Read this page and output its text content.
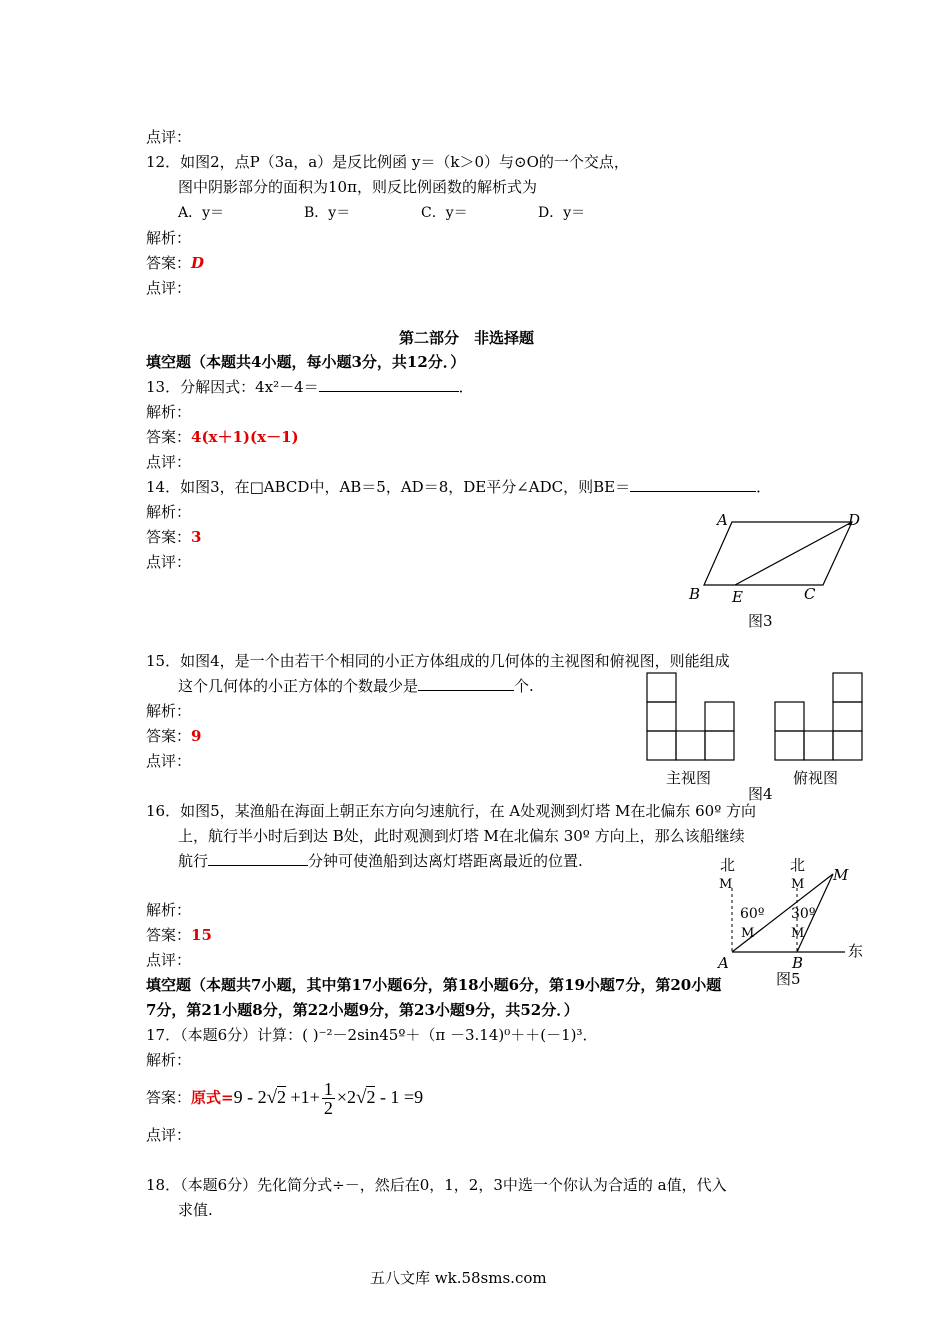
点评：
12．如图2，点P（3a，a）是反比例函 y＝（k＞0）与⊙O的一个交点，
图中阴影部分的面积为10π，则反比例函数的解析式为
A．y＝	B．y＝	C．y＝	D．y＝
解析：
答案：D
点评：
第二部分　非选择题
填空题（本题共4小题，每小题3分，共12分．）
13．分解因式：4x²－4＝	．
解析：
答案：4(x＋1)(x－1)
点评：
14．如图3，在□ABCD中，AB＝5，AD＝8，DE平分∠ADC，则BE＝	．
解析：
答案：3
点评：
A	D
B E	C
图3
15．如图4，是一个由若干个相同的小正方体组成的几何体的主视图和俯视图，则能组成
这个几何体的小正方体的个数最少是	个.
解析：
答案：9
点评：
主视图	俯视图
图4
16．如图5，某渔船在海面上朝正东方向匀速航行，在 A处观测到灯塔 M在北偏东 60º 方向
上，航行半小时后到达 B处，此时观测到灯塔 M在北偏东 30º 方向上，那么该船继续
航行	分钟可使渔船到达离灯塔距离最近的位置.
解析：
答案：15
点评：
北	北
M	M
M
60º 30º
M	M
A	B
东
图5
填空题（本题共7小题，其中第17小题6分，第18小题6分，第19小题7分，第20小题
7分，第21小题8分，第22小题9分，第23小题9分，共52分．）
17．（本题6分）计算：( )⁻²－2sin45º＋（π －3.14)⁰＋＋(－1)³．
解析：
答案：原式$=9 - 2√2 +1+ \frac{1}{2} \times 2√2 - 1 =9$
点评：
18．（本题6分）先化简分式÷－，然后在0，1，2，3中选一个你认为合适的 a值，代入
求值.
五八文库 wk.58sms.com
